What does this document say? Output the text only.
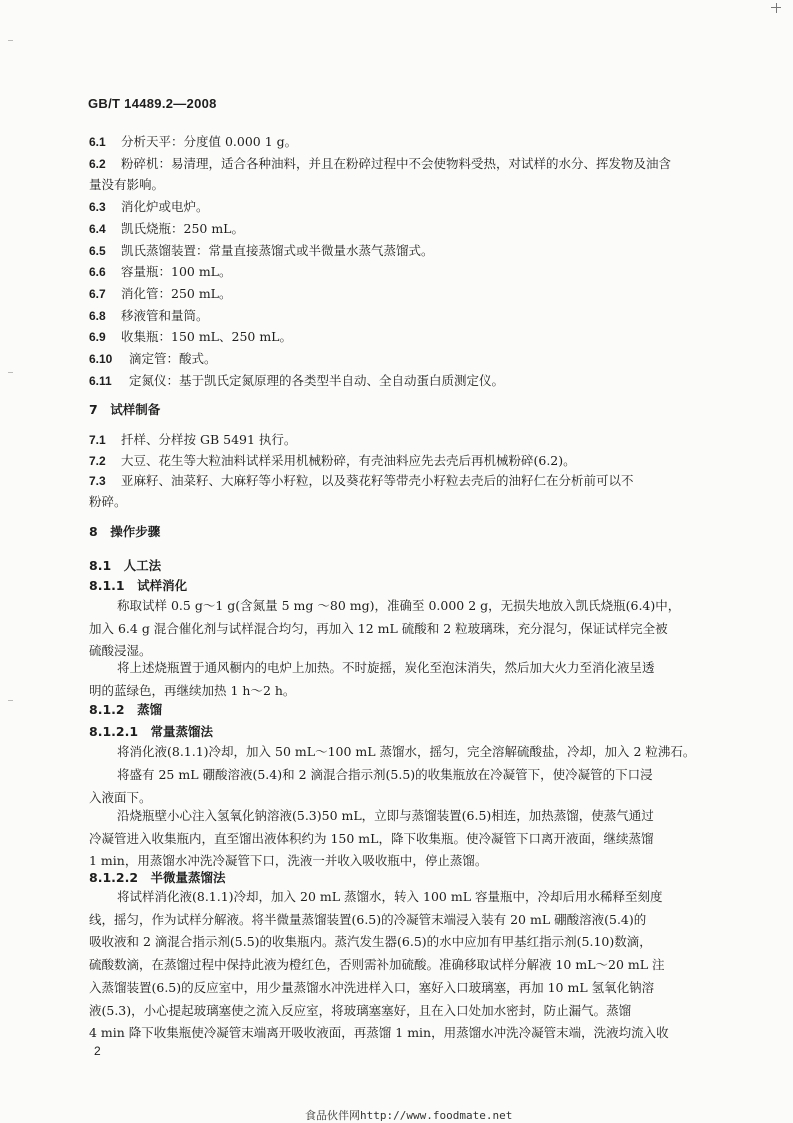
GB/T 14489.2—2008
6.1 分析天平：分度值 0.000 1 g。
6.2 粉碎机：易清理，适合各种油料，并且在粉碎过程中不会使物料受热，对试样的水分、挥发物及油含
量没有影响。
6.3 消化炉或电炉。
6.4 凯氏烧瓶：250 mL。
6.5 凯氏蒸馏装置：常量直接蒸馏式或半微量水蒸气蒸馏式。
6.6 容量瓶：100 mL。
6.7 消化管：250 mL。
6.8 移液管和量筒。
6.9 收集瓶：150 mL、250 mL。
6.10 滴定管：酸式。
6.11 定氮仪：基于凯氏定氮原理的各类型半自动、全自动蛋白质测定仪。
7　试样制备
7.1 扦样、分样按 GB 5491 执行。
7.2 大豆、花生等大粒油料试样采用机械粉碎，有壳油料应先去壳后再机械粉碎(6.2)。
7.3 亚麻籽、油菜籽、大麻籽等小籽粒，以及葵花籽等带壳小籽粒去壳后的油籽仁在分析前可以不
粉碎。
8　操作步骤
8.1　人工法
8.1.1　试样消化
称取试样 0.5 g～1 g(含氮量 5 mg ～80 mg)，准确至 0.000 2 g，无损失地放入凯氏烧瓶(6.4)中，
加入 6.4 g 混合催化剂与试样混合均匀，再加入 12 mL 硫酸和 2 粒玻璃珠，充分混匀，保证试样完全被
硫酸浸湿。
将上述烧瓶置于通风橱内的电炉上加热。不时旋摇，炭化至泡沫消失，然后加大火力至消化液呈透
明的蓝绿色，再继续加热 1 h～2 h。
8.1.2　蒸馏
8.1.2.1　常量蒸馏法
将消化液(8.1.1)冷却，加入 50 mL～100 mL 蒸馏水，摇匀，完全溶解硫酸盐，冷却，加入 2 粒沸石。
将盛有 25 mL 硼酸溶液(5.4)和 2 滴混合指示剂(5.5)的收集瓶放在冷凝管下，使冷凝管的下口浸
入液面下。
沿烧瓶壁小心注入氢氧化钠溶液(5.3)50 mL，立即与蒸馏装置(6.5)相连，加热蒸馏，使蒸气通过
冷凝管进入收集瓶内，直至馏出液体积约为 150 mL，降下收集瓶。使冷凝管下口离开液面，继续蒸馏
1 min，用蒸馏水冲洗冷凝管下口，洗液一并收入吸收瓶中，停止蒸馏。
8.1.2.2　半微量蒸馏法
将试样消化液(8.1.1)冷却，加入 20 mL 蒸馏水，转入 100 mL 容量瓶中，冷却后用水稀释至刻度
线，摇匀，作为试样分解液。将半微量蒸馏装置(6.5)的冷凝管末端浸入装有 20 mL 硼酸溶液(5.4)的
吸收液和 2 滴混合指示剂(5.5)的收集瓶内。蒸汽发生器(6.5)的水中应加有甲基红指示剂(5.10)数滴，
硫酸数滴，在蒸馏过程中保持此液为橙红色，否则需补加硫酸。准确移取试样分解液 10 mL～20 mL 注
入蒸馏装置(6.5)的反应室中，用少量蒸馏水冲洗进样入口，塞好入口玻璃塞，再加 10 mL 氢氧化钠溶
液(5.3)，小心提起玻璃塞使之流入反应室，将玻璃塞塞好，且在入口处加水密封，防止漏气。蒸馏
4 min 降下收集瓶使冷凝管末端离开吸收液面，再蒸馏 1 min，用蒸馏水冲洗冷凝管末端，洗液均流入收
2
食品伙伴网http://www.foodmate.net
